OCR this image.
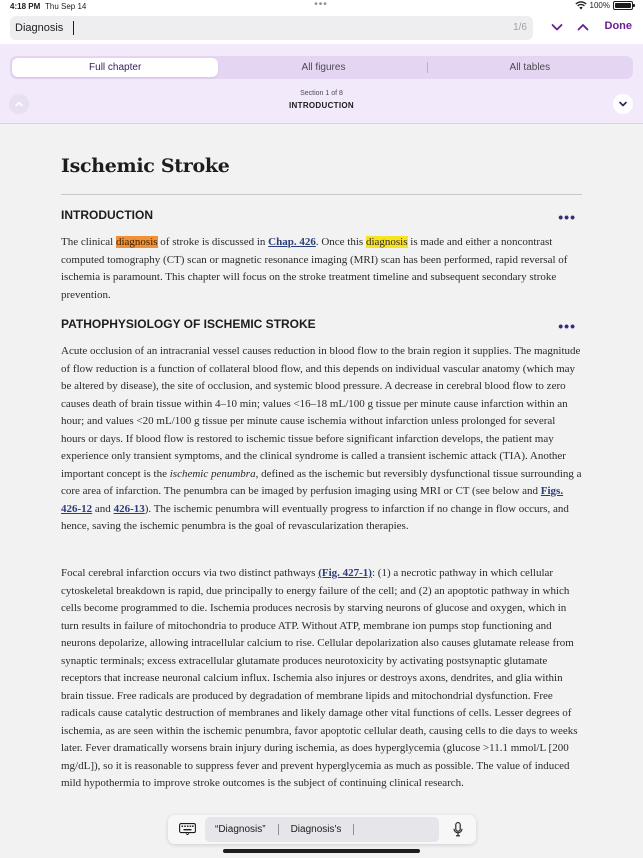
4:18 PM Thu Sep 14	•••	100%
Diagnosis
1/6	Done
Full chapter	All figures	All tables
Section 1 of 8
INTRODUCTION
Ischemic Stroke
INTRODUCTION	•••

The clinical diagnosis of stroke is discussed in Chap. 426. Once this diagnosis is made and either a noncontrast computed tomography (CT) scan or magnetic resonance imaging (MRI) scan has been performed, rapid reversal of ischemia is paramount. This chapter will focus on the stroke treatment timeline and subsequent secondary stroke prevention.

PATHOPHYSIOLOGY OF ISCHEMIC STROKE	•••

Acute occlusion of an intracranial vessel causes reduction in blood flow to the brain region it supplies. The magnitude of flow reduction is a function of collateral blood flow, and this depends on individual vascular anatomy (which may be altered by disease), the site of occlusion, and systemic blood pressure. A decrease in cerebral blood flow to zero causes death of brain tissue within 4–10 min; values <16–18 mL/100 g tissue per minute cause infarction within an hour; and values <20 mL/100 g tissue per minute cause ischemia without infarction unless prolonged for several hours or days. If blood flow is restored to ischemic tissue before significant infarction develops, the patient may experience only transient symptoms, and the clinical syndrome is called a transient ischemic attack (TIA). Another important concept is the ischemic penumbra, defined as the ischemic but reversibly dysfunctional tissue surrounding a core area of infarction. The penumbra can be imaged by perfusion imaging using MRI or CT (see below and Figs. 426-12 and 426-13). The ischemic penumbra will eventually progress to infarction if no change in flow occurs, and hence, saving the ischemic penumbra is the goal of revascularization therapies.

Focal cerebral infarction occurs via two distinct pathways (Fig. 427-1): (1) a necrotic pathway in which cellular cytoskeletal breakdown is rapid, due principally to energy failure of the cell; and (2) an apoptotic pathway in which cells become programmed to die. Ischemia produces necrosis by starving neurons of glucose and oxygen, which in turn results in failure of mitochondria to produce ATP. Without ATP, membrane ion pumps stop functioning and neurons depolarize, allowing intracellular calcium to rise. Cellular depolarization also causes glutamate release from synaptic terminals; excess extracellular glutamate produces neurotoxicity by activating postsynaptic glutamate receptors that increase neuronal calcium influx. Ischemia also injures or destroys axons, dendrites, and glia within brain tissue. Free radicals are produced by degradation of membrane lipids and mitochondrial dysfunction. Free radicals cause catalytic destruction of membranes and likely damage other vital functions of cells. Lesser degrees of ischemia, as are seen within the ischemic penumbra, favor apoptotic cellular death, causing cells to die days to weeks later. Fever dramatically worsens brain injury during ischemia, as does hyperglycemia (glucose >11.1 mmol/L [200 mg/dL]), so it is reasonable to suppress fever and prevent hyperglycemia as much as possible. The value of induced mild hypothermia to improve stroke outcomes is the subject of continuing clinical research.

“Diagnosis”	Diagnosis's
